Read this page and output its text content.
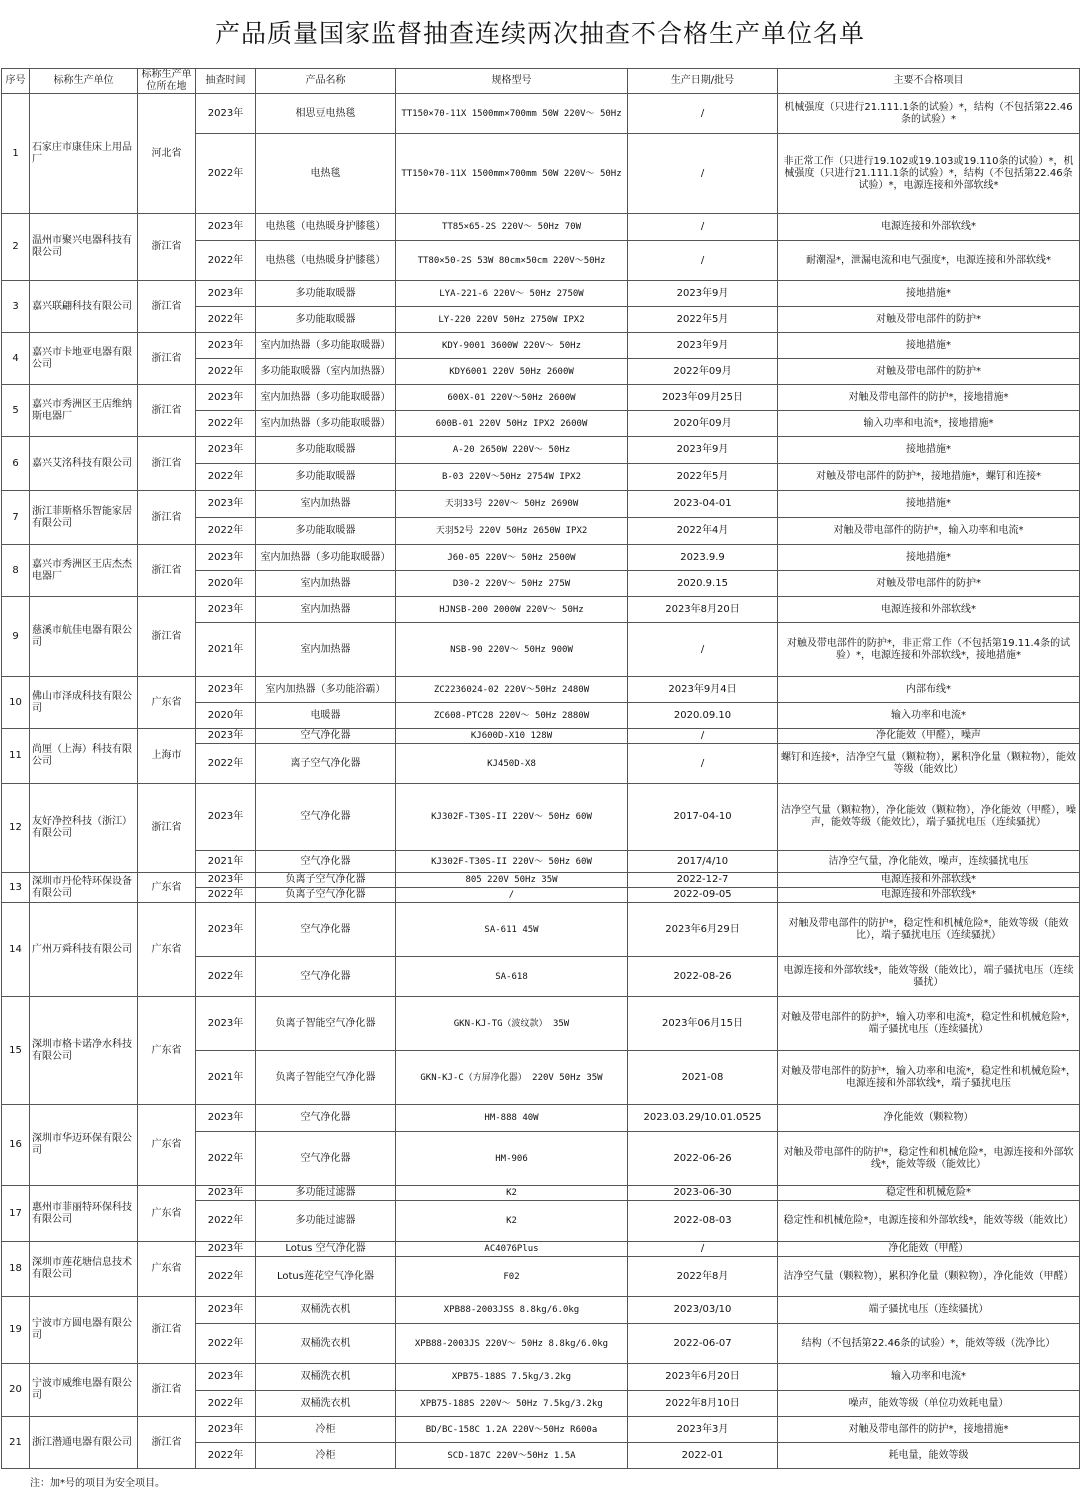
产品质量国家监督抽查连续两次抽查不合格生产单位名单
序号	标称生产单位	标称生产单位所在地	抽查时间	产品名称	规格型号	生产日期/批号	主要不合格项目
1	石家庄市康佳床上用品厂	河北省	2023年	相思豆电热毯	TT150×70-11X 1500mm×700mm 50W 220V～ 50Hz	/	机械强度（只进行21.111.1条的试验）*，结构（不包括第22.46条的试验）*
			2022年	电热毯	TT150×70-11X 1500mm×700mm 50W 220V～ 50Hz	/	非正常工作（只进行19.102或19.103或19.110条的试验）*，机械强度（只进行21.111.1条的试验）*，结构（不包括第22.46条试验）*，电源连接和外部软线*
2	温州市聚兴电器科技有限公司	浙江省	2023年	电热毯（电热暖身护膝毯）	TT85×65-2S 220V～ 50Hz 70W	/	电源连接和外部软线*
			2022年	电热毯（电热暖身护膝毯）	TT80×50-2S 53W 80cm×50cm 220V～50Hz	/	耐潮湿*，泄漏电流和电气强度*，电源连接和外部软线*
3	嘉兴联翩科技有限公司	浙江省	2023年	多功能取暖器	LYA-221-6 220V～ 50Hz 2750W	2023年9月	接地措施*
			2022年	多功能取暖器	LY-220 220V 50Hz 2750W IPX2	2022年5月	对触及带电部件的防护*
4	嘉兴市卡地亚电器有限公司	浙江省	2023年	室内加热器（多功能取暖器）	KDY-9001 3600W 220V～ 50Hz	2023年9月	接地措施*
			2022年	多功能取暖器（室内加热器）	KDY6001 220V 50Hz 2600W	2022年09月	对触及带电部件的防护*
5	嘉兴市秀洲区王店维纳斯电器厂	浙江省	2023年	室内加热器（多功能取暖器）	600X-01 220V～50Hz 2600W	2023年09月25日	对触及带电部件的防护*，接地措施*
			2022年	室内加热器（多功能取暖器）	600B-01 220V 50Hz IPX2 2600W	2020年09月	输入功率和电流*，接地措施*
6	嘉兴艾洺科技有限公司	浙江省	2023年	多功能取暖器	A-20 2650W 220V～ 50Hz	2023年9月	接地措施*
			2022年	多功能取暖器	B-03 220V～50Hz 2754W IPX2	2022年5月	对触及带电部件的防护*，接地措施*，螺钉和连接*
7	浙江菲斯格乐智能家居有限公司	浙江省	2023年	室内加热器	天羽33号 220V～ 50Hz 2690W	2023-04-01	接地措施*
			2022年	多功能取暖器	天羽52号 220V 50Hz 2650W IPX2	2022年4月	对触及带电部件的防护*，输入功率和电流*
8	嘉兴市秀洲区王店杰杰电器厂	浙江省	2023年	室内加热器（多功能取暖器）	J60-05 220V～ 50Hz 2500W	2023.9.9	接地措施*
			2020年	室内加热器	D30-2 220V～ 50Hz 275W	2020.9.15	对触及带电部件的防护*
9	慈溪市航佳电器有限公司	浙江省	2023年	室内加热器	HJNSB-200 2000W 220V～ 50Hz	2023年8月20日	电源连接和外部软线*
			2021年	室内加热器	NSB-90 220V～ 50Hz 900W	/	对触及带电部件的防护*，非正常工作（不包括第19.11.4条的试验）*，电源连接和外部软线*，接地措施*
10	佛山市泽成科技有限公司	广东省	2023年	室内加热器（多功能浴霸）	ZC2236024-02 220V～50Hz 2480W	2023年9月4日	内部布线*
			2020年	电暖器	ZC608-PTC28 220V～ 50Hz 2880W	2020.09.10	输入功率和电流*
11	尚厘（上海）科技有限公司	上海市	2023年	空气净化器	KJ600D-X10 128W	/	净化能效（甲醛），噪声
			2022年	离子空气净化器	KJ450D-X8	/	螺钉和连接*，洁净空气量（颗粒物），累积净化量（颗粒物），能效等级（能效比）
12	友好净控科技（浙江）有限公司	浙江省	2023年	空气净化器	KJ302F-T30S-II 220V～ 50Hz 60W	2017-04-10	洁净空气量（颗粒物），净化能效（颗粒物），净化能效（甲醛），噪声，能效等级（能效比），端子骚扰电压（连续骚扰）
			2021年	空气净化器	KJ302F-T30S-II 220V～ 50Hz 60W	2017/4/10	洁净空气量，净化能效，噪声，连续骚扰电压
13	深圳市丹伦特环保设备有限公司	广东省	2023年	负离子空气净化器	805 220V 50Hz 35W	2022-12-7	电源连接和外部软线*
			2022年	负离子空气净化器	/	2022-09-05	电源连接和外部软线*
14	广州万舜科技有限公司	广东省	2023年	空气净化器	SA-611 45W	2023年6月29日	对触及带电部件的防护*，稳定性和机械危险*，能效等级（能效比），端子骚扰电压（连续骚扰）
			2022年	空气净化器	SA-618	2022-08-26	电源连接和外部软线*，能效等级（能效比），端子骚扰电压（连续骚扰）
15	深圳市格卡诺净水科技有限公司	广东省	2023年	负离子智能空气净化器	GKN-KJ-TG（波纹款） 35W	2023年06月15日	对触及带电部件的防护*，输入功率和电流*，稳定性和机械危险*，端子骚扰电压（连续骚扰）
			2021年	负离子智能空气净化器	GKN-KJ-C（方屏净化器） 220V 50Hz 35W	2021-08	对触及带电部件的防护*，输入功率和电流*，稳定性和机械危险*，电源连接和外部软线*，端子骚扰电压
16	深圳市华迈环保有限公司	广东省	2023年	空气净化器	HM-888 40W	2023.03.29/10.01.0525	净化能效（颗粒物）
			2022年	空气净化器	HM-906	2022-06-26	对触及带电部件的防护*，稳定性和机械危险*，电源连接和外部软线*，能效等级（能效比）
17	惠州市菲丽特环保科技有限公司	广东省	2023年	多功能过滤器	K2	2023-06-30	稳定性和机械危险*
			2022年	多功能过滤器	K2	2022-08-03	稳定性和机械危险*，电源连接和外部软线*，能效等级（能效比）
18	深圳市莲花塘信息技术有限公司	广东省	2023年	Lotus 空气净化器	AC4076Plus	/	净化能效（甲醛）
			2022年	Lotus莲花空气净化器	F02	2022年8月	洁净空气量（颗粒物），累积净化量（颗粒物），净化能效（甲醛）
19	宁波市方圆电器有限公司	浙江省	2023年	双桶洗衣机	XPB88-2003JSS 8.8kg/6.0kg	2023/03/10	端子骚扰电压（连续骚扰）
			2022年	双桶洗衣机	XPB88-2003JS 220V～ 50Hz 8.8kg/6.0kg	2022-06-07	结构（不包括第22.46条的试验）*，能效等级（洗净比）
20	宁波市威维电器有限公司	浙江省	2023年	双桶洗衣机	XPB75-188S 7.5kg/3.2kg	2023年6月20日	输入功率和电流*
			2022年	双桶洗衣机	XPB75-188S 220V～ 50Hz 7.5kg/3.2kg	2022年8月10日	噪声，能效等级（单位功效耗电量）
21	浙江潜通电器有限公司	浙江省	2023年	冷柜	BD/BC-158C 1.2A 220V～50Hz R600a	2023年3月	对触及带电部件的防护*，接地措施*
			2022年	冷柜	SCD-187C 220V～50Hz 1.5A	2022-01	耗电量，能效等级
注：加*号的项目为安全项目。
